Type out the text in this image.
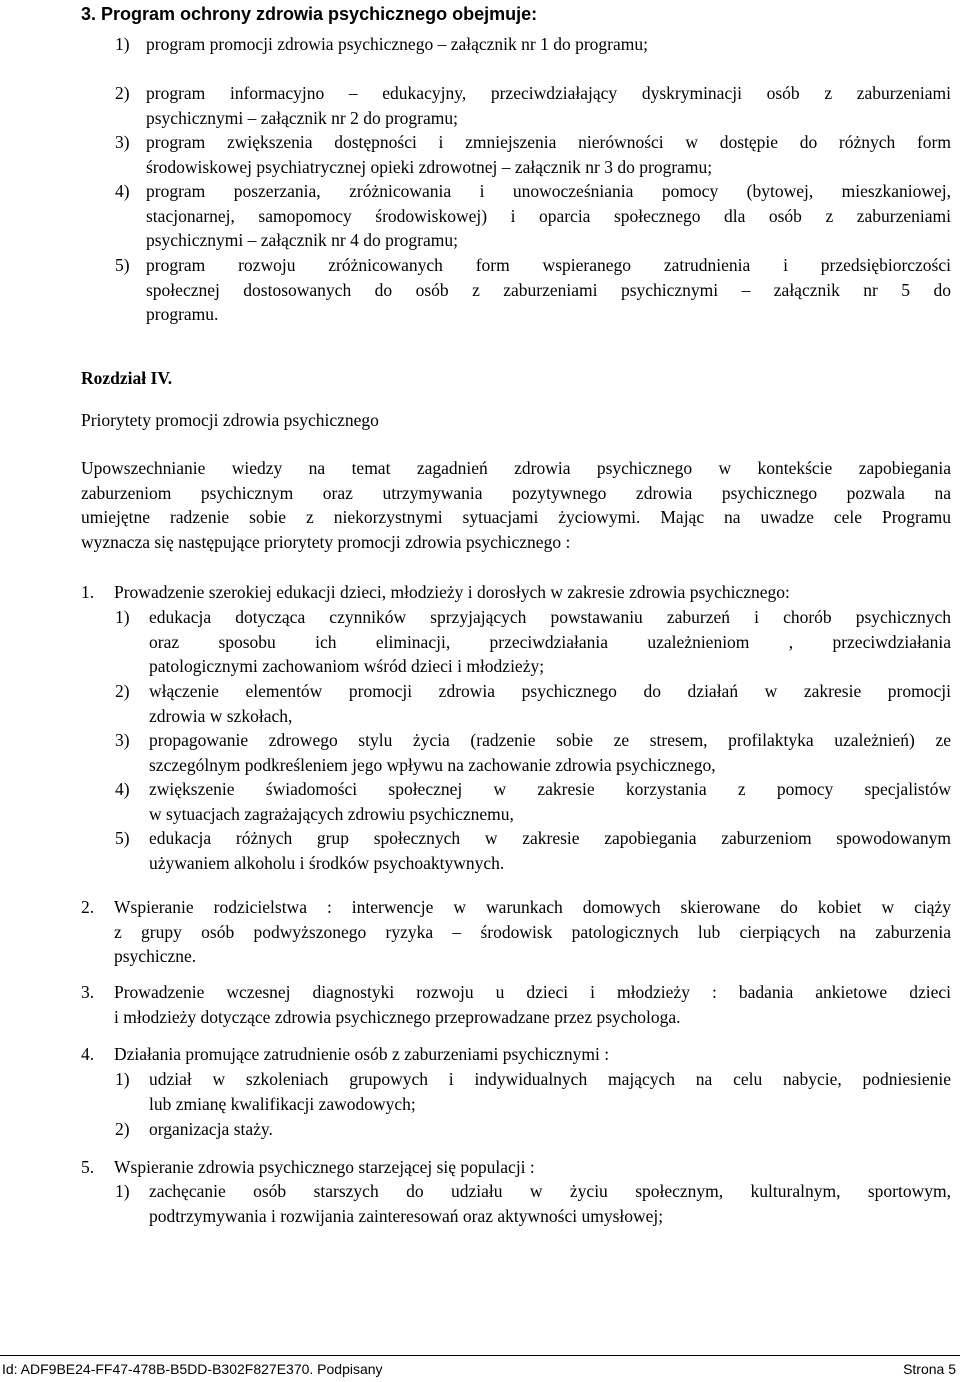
3. Program ochrony zdrowia psychicznego obejmuje:
1) program promocji zdrowia psychicznego – załącznik nr 1 do programu;
2) program informacyjno – edukacyjny, przeciwdziałający dyskryminacji osób z zaburzeniami
psychicznymi – załącznik nr 2 do programu;
3) program zwiększenia dostępności i zmniejszenia nierówności w dostępie do różnych form
środowiskowej psychiatrycznej opieki zdrowotnej – załącznik nr 3 do programu;
4) program poszerzania, zróżnicowania i unowocześniania pomocy (bytowej, mieszkaniowej,
stacjonarnej, samopomocy środowiskowej) i oparcia społecznego dla osób z zaburzeniami
psychicznymi – załącznik nr 4 do programu;
5) program rozwoju zróżnicowanych form wspieranego zatrudnienia i przedsiębiorczości
społecznej dostosowanych do osób z zaburzeniami psychicznymi – załącznik nr 5 do
programu.
Rozdział IV.
Priorytety promocji zdrowia psychicznego
Upowszechnianie wiedzy na temat zagadnień zdrowia psychicznego w kontekście zapobiegania
zaburzeniom psychicznym oraz utrzymywania pozytywnego zdrowia psychicznego pozwala na
umiejętne radzenie sobie z niekorzystnymi sytuacjami życiowymi. Mając na uwadze cele Programu
wyznacza się następujące priorytety promocji zdrowia psychicznego :
1.	Prowadzenie szerokiej edukacji dzieci, młodzieży i dorosłych w zakresie zdrowia psychicznego:
1)	edukacja dotycząca czynników sprzyjających powstawaniu zaburzeń i chorób psychicznych
oraz sposobu ich eliminacji, przeciwdziałania uzależnieniom , przeciwdziałania
patologicznymi zachowaniom wśród dzieci i młodzieży;
2)	włączenie elementów promocji zdrowia psychicznego do działań w zakresie promocji
zdrowia w szkołach,
3)	propagowanie zdrowego stylu życia (radzenie sobie ze stresem, profilaktyka uzależnień) ze
szczególnym podkreśleniem jego wpływu na zachowanie zdrowia psychicznego,
4)	zwiększenie świadomości społecznej w zakresie korzystania z pomocy specjalistów
w sytuacjach zagrażających zdrowiu psychicznemu,
5)	edukacja różnych grup społecznych w zakresie zapobiegania zaburzeniom spowodowanym
używaniem alkoholu i środków psychoaktywnych.
2.	Wspieranie rodzicielstwa : interwencje w warunkach domowych skierowane do kobiet w ciąży
z grupy osób podwyższonego ryzyka – środowisk patologicznych lub cierpiących na zaburzenia
psychiczne.
3.	Prowadzenie wczesnej diagnostyki rozwoju u dzieci i młodzieży : badania ankietowe dzieci
i młodzieży dotyczące zdrowia psychicznego przeprowadzane przez psychologa.
4.	Działania promujące zatrudnienie osób z zaburzeniami psychicznymi :
1)	udział w szkoleniach grupowych i indywidualnych mających na celu nabycie, podniesienie
lub zmianę kwalifikacji zawodowych;
2)	organizacja staży.
5.	Wspieranie zdrowia psychicznego starzejącej się populacji :
1)	zachęcanie osób starszych do udziału w życiu społecznym, kulturalnym, sportowym,
podtrzymywania i rozwijania zainteresowań oraz aktywności umysłowej;
Id: ADF9BE24-FF47-478B-B5DD-B302F827E370. Podpisany	Strona 5
